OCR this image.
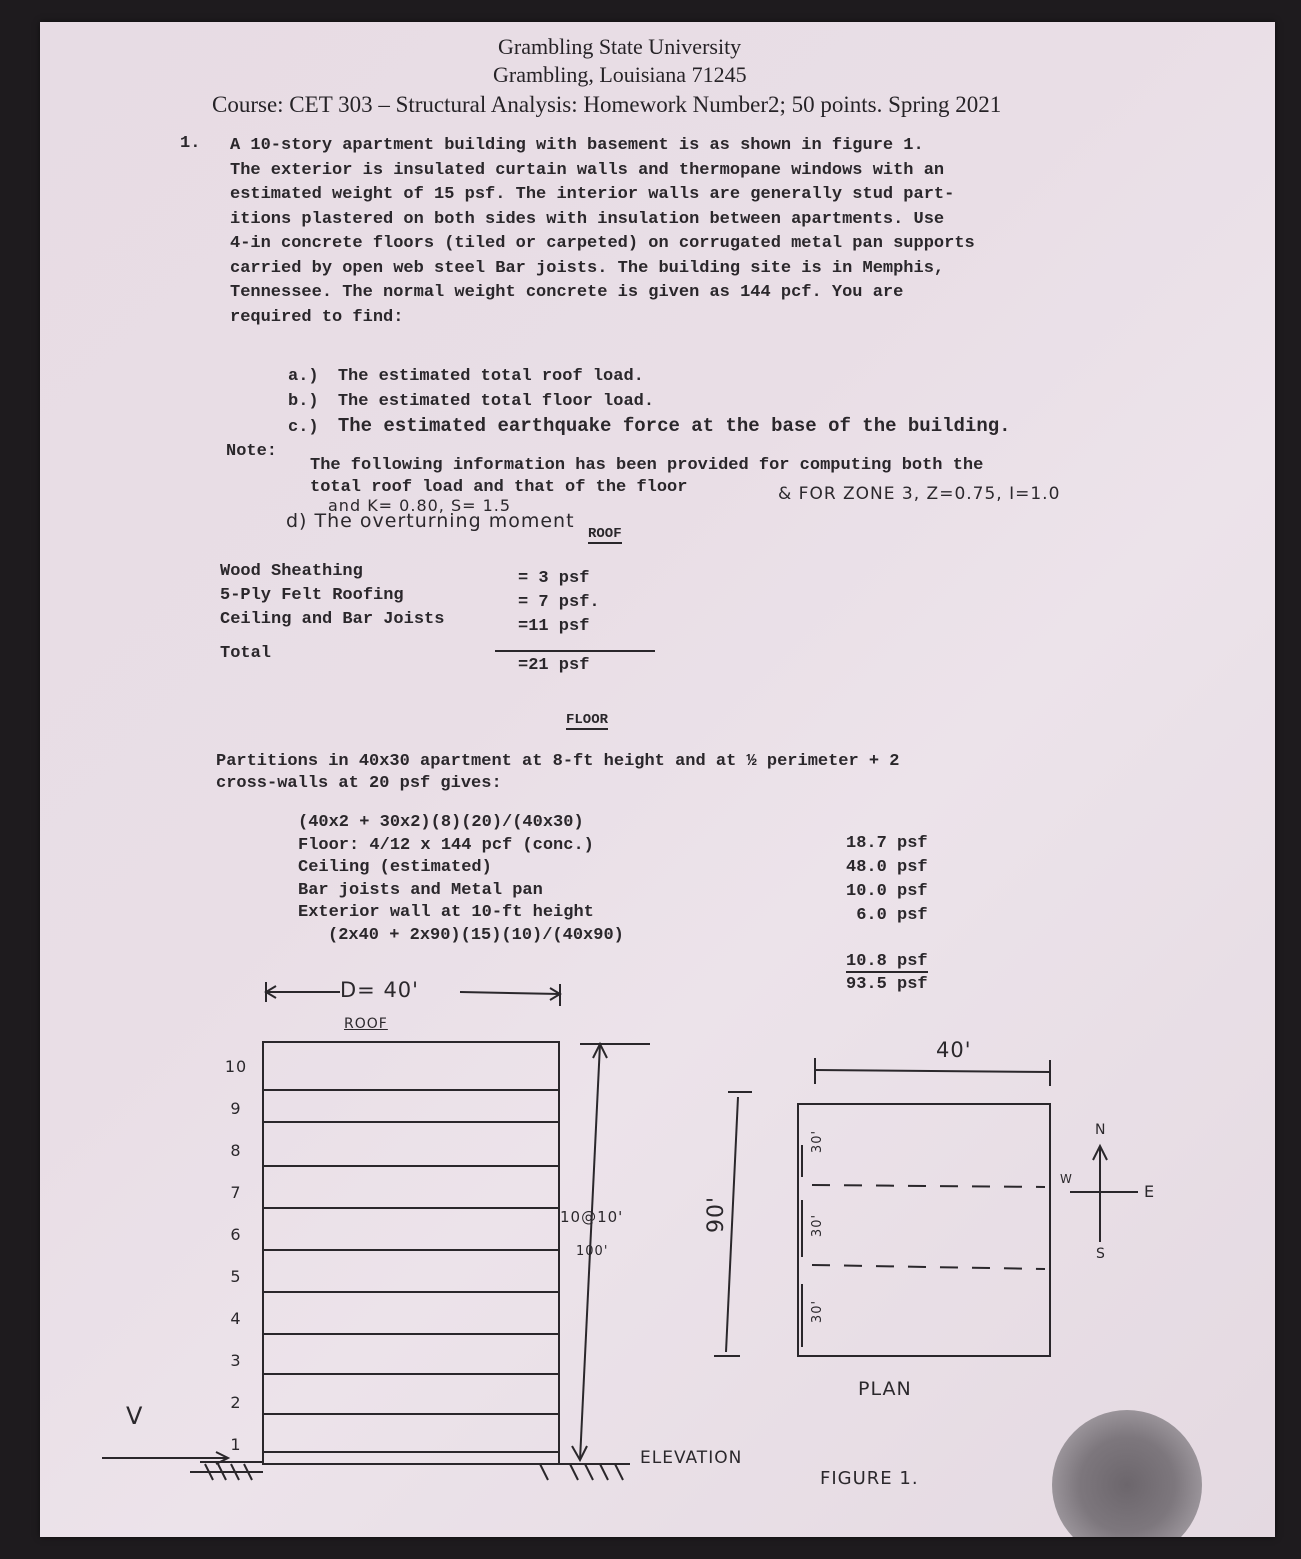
Grambling State University
Grambling, Louisiana 71245
Course: CET 303 – Structural Analysis: Homework Number2; 50 points. Spring 2021
1. A 10-story apartment building with basement is as shown in figure 1.
The exterior is insulated curtain walls and thermopane windows with an
estimated weight of 15 psf. The interior walls are generally stud part-
itions plastered on both sides with insulation between apartments. Use
4-in concrete floors (tiled or carpeted) on corrugated metal pan supports
carried by open web steel Bar joists. The building site is in Memphis,
Tennessee. The normal weight concrete is given as 144 pcf. You are
required to find:
a.) The estimated total roof load.
b.) The estimated total floor load.
c.) The estimated earthquake force at the base of the building.
Note:
The following information has been provided for computing both the
total roof load and that of the floor	& FOR ZONE 3, Z=0.75, I=1.0
and K= 0.80, S= 1.5
d) The overturning moment
ROOF
Wood Sheathing
5-Ply Felt Roofing
Ceiling and Bar Joists
= 3 psf
= 7 psf.
=11 psf
Total
=21 psf
FLOOR
Partitions in 40x30 apartment at 8-ft height and at ½ perimeter + 2
cross-walls at 20 psf gives:
(40x2 + 30x2)(8)(20)/(40x30)
Floor: 4/12 x 144 pcf (conc.)
Ceiling (estimated)
Bar joists and Metal pan
Exterior wall at 10-ft height
(2x40 + 2x90)(15)(10)/(40x90)
18.7 psf
48.0 psf
10.0 psf
6.0 psf
10.8 psf
93.5 psf
D= 40'
ROOF
10
9
8
7
6
5
4
3
2
1
10@10'
100'
V
ELEVATION
40'
90'
30'
30'
30'
N
S
E
W
PLAN
FIGURE 1.
